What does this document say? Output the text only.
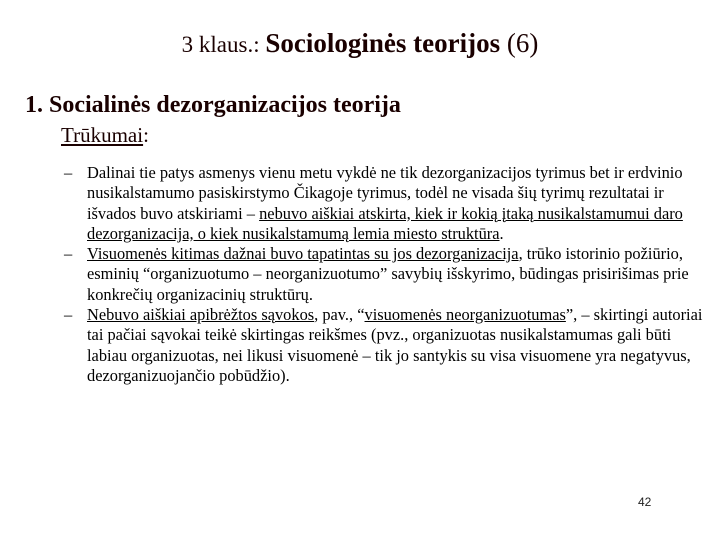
3 klaus.: Sociologinės teorijos (6)
1. Socialinės dezorganizacijos teorija
Trūkumai:
– Dalinai tie patys asmenys vienu metu vykdė ne tik dezorganizacijos tyrimus bet ir erdvinio nusikalstamumo pasiskirstymo Čikagoje tyrimus, todėl ne visada šių tyrimų rezultatai ir išvados buvo atskiriami – nebuvo aiškiai atskirta, kiek ir kokią įtaką nusikalstamumui daro dezorganizacija, o kiek nusikalstamumą lemia miesto struktūra.
– Visuomenės kitimas dažnai buvo tapatintas su jos dezorganizacija, trūko istorinio požiūrio, esminių “organizuotumo – neorganizuotumo” savybių išskyrimo, būdingas prisirišimas prie konkrečių organizacinių struktūrų.
– Nebuvo aiškiai apibrėžtos sąvokos, pav., “visuomenės neorganizuotumas”, – skirtingi autoriai tai pačiai sąvokai teikė skirtingas reikšmes (pvz., organizuotas nusikalstamumas gali būti labiau organizuotas, nei likusi visuomenė – tik jo santykis su visa visuomene yra negatyvus, dezorganizuojančio pobūdžio).
42
